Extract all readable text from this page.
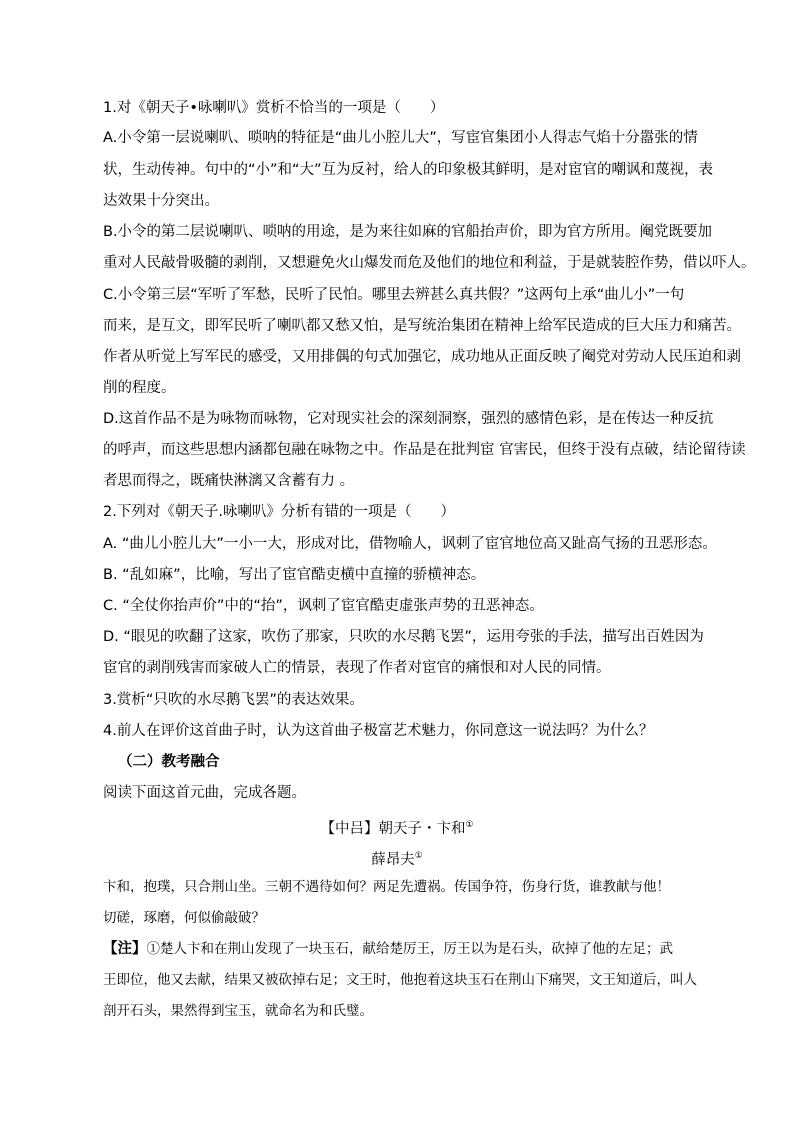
1.对《朝天子•咏喇叭》赏析不恰当的一项是（　　）
A.小令第一层说喇叭、唢呐的特征是“曲儿小腔儿大”，写宦官集团小人得志气焰十分嚣张的情
状，生动传神。句中的“小”和“大”互为反衬，给人的印象极其鲜明，是对宦官的嘲讽和蔑视，表
达效果十分突出。
B.小令的第二层说喇叭、唢呐的用途，是为来往如麻的官船抬声价，即为官方所用。阉党既要加
重对人民敲骨吸髓的剥削，又想避免火山爆发而危及他们的地位和利益，于是就装腔作势，借以吓人。
C.小令第三层“军听了军愁，民听了民怕。哪里去辨甚么真共假？”这两句上承“曲儿小”一句
而来，是互文，即军民听了喇叭都又愁又怕，是写统治集团在精神上给军民造成的巨大压力和痛苦。
作者从听觉上写军民的感受，又用排偶的句式加强它，成功地从正面反映了阉党对劳动人民压迫和剥
削的程度。
D.这首作品不是为咏物而咏物，它对现实社会的深刻洞察，强烈的感情色彩，是在传达一种反抗
的呼声，而这些思想内涵都包融在咏物之中。作品是在批判宦 官害民，但终于没有点破，结论留待读
者思而得之，既痛快淋漓又含蓄有力 。
2.下列对《朝天子.咏喇叭》分析有错的一项是（　　）
A. “曲儿小腔儿大”一小一大，形成对比，借物喻人，讽刺了宦官地位高又趾高气扬的丑恶形态。
B. “乱如麻”，比喻，写出了宦官酷吏横中直撞的骄横神态。
C. “全仗你抬声价”中的“抬”，讽刺了宦官酷吏虚张声势的丑恶神态。
D. “眼见的吹翻了这家，吹伤了那家，只吹的水尽鹅飞罢”，运用夸张的手法，描写出百姓因为
宦官的剥削残害而家破人亡的情景，表现了作者对宦官的痛恨和对人民的同情。
3.赏析“只吹的水尽鹅飞罢”的表达效果。
4.前人在评价这首曲子时，认为这首曲子极富艺术魅力，你同意这一说法吗？为什么？
（二）教考融合
阅读下面这首元曲，完成各题。
【中吕】朝天子・卞和①
薛昂夫①
卞和，抱璞，只合荆山坐。三朝不遇待如何？两足先遭祸。传国争符，伤身行货，谁教献与他！
切磋，琢磨，何似偷敲破？
【注】①楚人卞和在荆山发现了一块玉石，献给楚厉王，厉王以为是石头，砍掉了他的左足；武
王即位，他又去献，结果又被砍掉右足；文王时，他抱着这块玉石在荆山下痛哭，文王知道后，叫人
剖开石头，果然得到宝玉，就命名为和氏璧。
